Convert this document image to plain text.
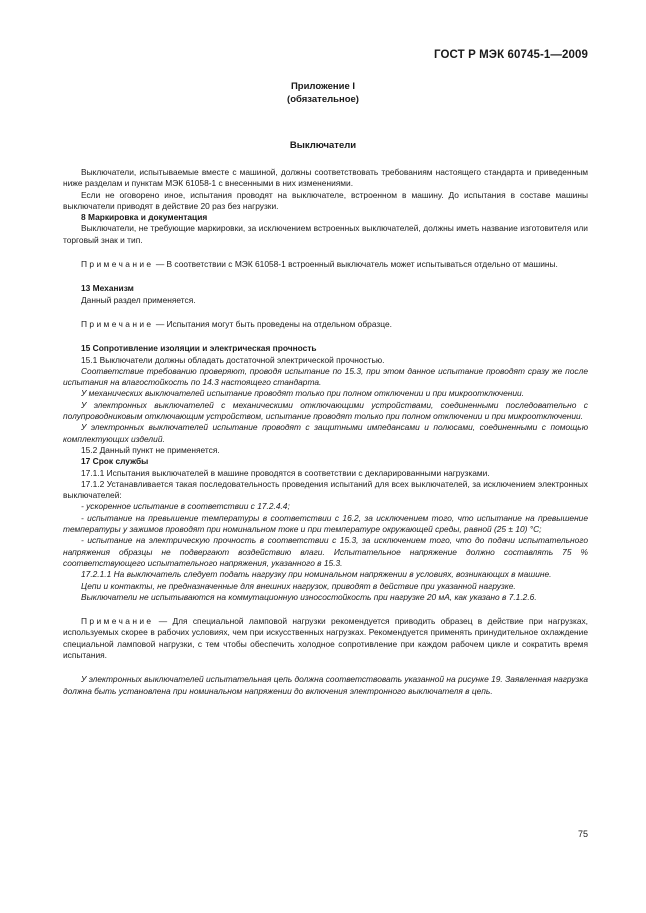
ГОСТ Р МЭК 60745-1—2009
Приложение I
(обязательное)
Выключатели

Выключатели, испытываемые вместе с машиной, должны соответствовать требованиям настоящего стандарта и приведенным ниже разделам и пунктам МЭК 61058-1 с внесенными в них изменениями.

Если не оговорено иное, испытания проводят на выключателе, встроенном в машину. До испытания в составе машины выключатели приводят в действие 20 раз без нагрузки.

8 Маркировка и документация

Выключатели, не требующие маркировки, за исключением встроенных выключателей, должны иметь название изготовителя или торговый знак и тип.

Примечание — В соответствии с МЭК 61058-1 встроенный выключатель может испытываться отдельно от машины.

13 Механизм

Данный раздел применяется.

Примечание — Испытания могут быть проведены на отдельном образце.

15 Сопротивление изоляции и электрическая прочность

15.1 Выключатели должны обладать достаточной электрической прочностью.

Соответствие требованию проверяют, проводя испытание по 15.3, при этом данное испытание проводят сразу же после испытания на влагостойкость по 14.3 настоящего стандарта.

У механических выключателей испытание проводят только при полном отключении и при микроотключении.

У электронных выключателей с механическими отключающими устройствами, соединенными последовательно с полупроводниковым отключающим устройством, испытание проводят только при полном отключении и при микроотключении.

У электронных выключателей испытание проводят с защитными импедансами и полюсами, соединенными с помощью комплектующих изделий.

15.2 Данный пункт не применяется.

17 Срок службы

17.1.1 Испытания выключателей в машине проводятся в соответствии с декларированными нагрузками.

17.1.2 Устанавливается такая последовательность проведения испытаний для всех выключателей, за исключением электронных выключателей:

- ускоренное испытание в соответствии с 17.2.4.4;

- испытание на превышение температуры в соответствии с 16.2, за исключением того, что испытание на превышение температуры у зажимов проводят при номинальном токе и при температуре окружающей среды, равной (25 ± 10) °С;

- испытание на электрическую прочность в соответствии с 15.3, за исключением того, что до подачи испытательного напряжения образцы не подвергают воздействию влаги. Испытательное напряжение должно составлять 75 % соответствующего испытательного напряжения, указанного в 15.3.

17.2.1.1 На выключатель следует подать нагрузку при номинальном напряжении в условиях, возникающих в машине.

Цепи и контакты, не предназначенные для внешних нагрузок, приводят в действие при указанной нагрузке.

Выключатели не испытываются на коммутационную износостойкость при нагрузке 20 мА, как указано в 7.1.2.6.

Примечание — Для специальной ламповой нагрузки рекомендуется приводить образец в действие при нагрузках, используемых скорее в рабочих условиях, чем при искусственных нагрузках. Рекомендуется применять принудительное охлаждение специальной ламповой нагрузки, с тем чтобы обеспечить холодное сопротивление при каждом рабочем цикле и сократить время испытания.

У электронных выключателей испытательная цепь должна соответствовать указанной на рисунке 19. Заявленная нагрузка должна быть установлена при номинальном напряжении до включения электронного выключателя в цепь.

75
